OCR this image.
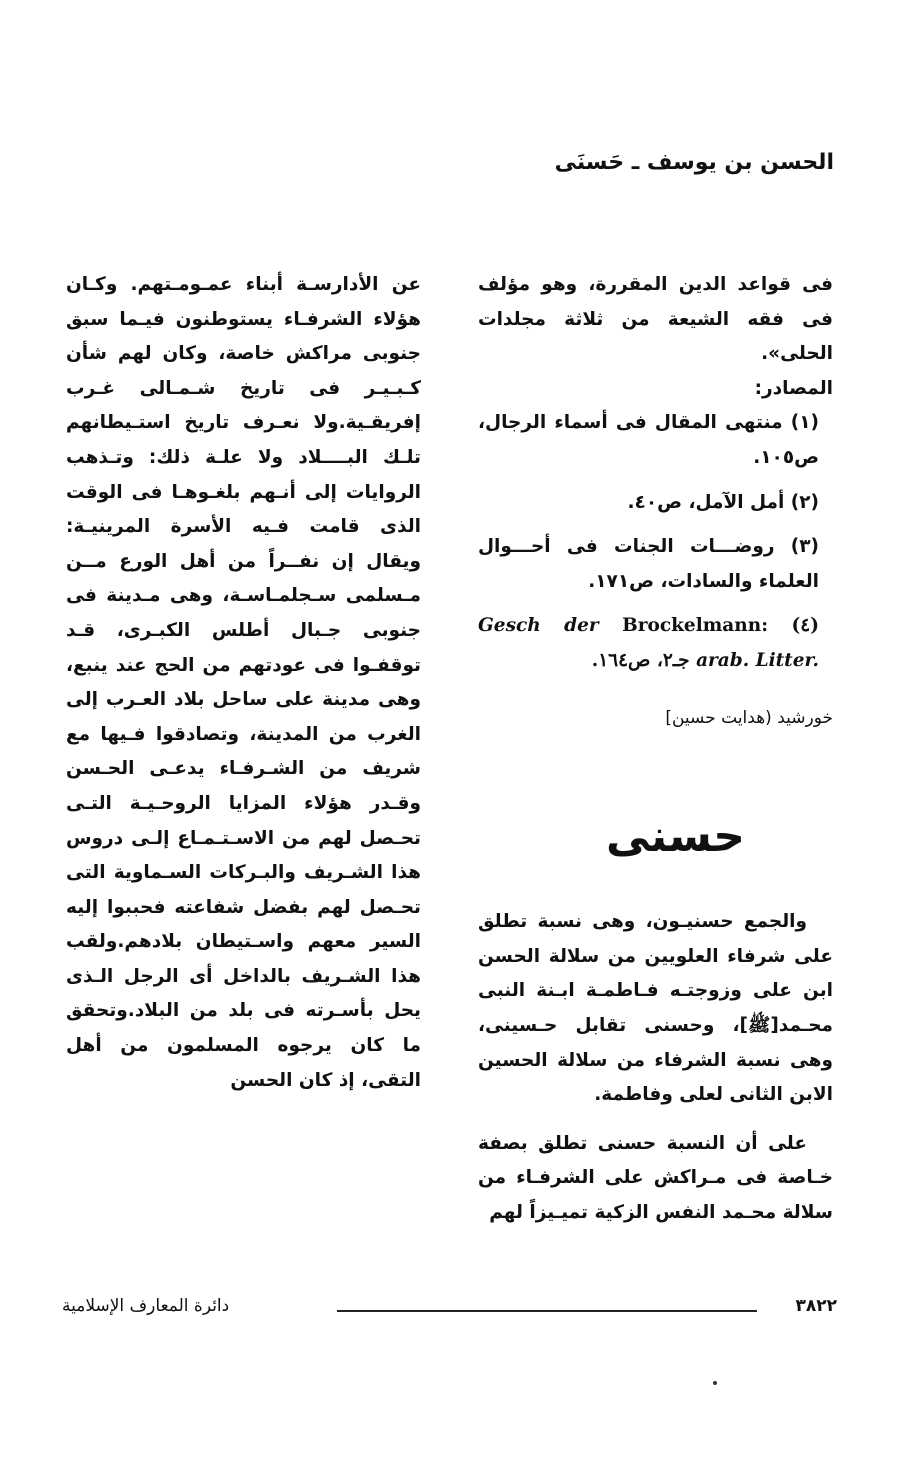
الحسن بن يوسف ـ حَسنَى

فى قواعد الدين المقررة، وهو مؤلف فى فقه الشيعة من ثلاثة مجلدات الحلى».

المصادر:

(١) منتهى المقال فى أسماء الرجال، ص١٠٥.

(٢) أمل الآمل، ص٤٠.

(٣) روضـــات الجنات فى أحـــوال العلماء والسادات، ص١٧١.

(٤) Brockelmann: Gesch der arab. Litter. جـ٢، ص١٦٤.

خورشيد (هدايت حسين]

حسنى

والجمع حسنيـون، وهى نسبة تطلق على شرفاء العلويين من سلالة الحسن ابن على وزوجتـه فـاطمـة ابـنة النبى محـمد[ﷺ]، وحسنى تقابل حـسينى، وهى نسبة الشرفاء من سلالة الحسين الابن الثانى لعلى وفاطمة.

على أن النسبة حسنى تطلق بصفة خـاصة فى مـراكش على الشرفـاء من سلالة محـمد النفس الزكية تميـيزاً لهم

عن الأدارسـة أبناء عمـومـتهم. وكـان هؤلاء الشرفـاء يستوطنون فيـما سبق جنوبى مراكش خاصة، وكان لهم شأن كـبـيـر فى تاريخ شـمـالى غـرب إفريقـية.ولا نعـرف تاريخ استـيطانهم تلـك البــــلاد ولا علـة ذلك: وتـذهب الروايات إلى أنـهم بلغـوهـا فى الوقت الذى قامت فـيه الأسرة المرينيـة: ويقال إن نفــراً من أهل الورع مــن مـسلمى سـجلمـاسـة، وهى مـدينة فى جنوبى جـبال أطلس الكبـرى، قـد توقفـوا فى عودتهم من الحج عند ينبع، وهى مدينة على ساحل بلاد العـرب إلى الغرب من المدينة، وتصادقوا فـيها مع شريف من الشـرفـاء يدعـى الحـسن وقـدر هؤلاء المزايا الروحـيـة التـى تحـصل لهم من الاسـتـمـاع إلـى دروس هذا الشـريف والبـركات السـماوية التى تحـصل لهم بفضل شفاعته فحببوا إليه السير معهم واسـتيطان بلادهم.ولقب هذا الشـريف بالداخل أى الرجل الـذى يحل بأسـرته فى بلد من البلاد.وتحقق ما كان يرجوه المسلمون من أهل التقى، إذ كان الحسن

٣٨٢٢
دائرة المعارف الإسلامية
